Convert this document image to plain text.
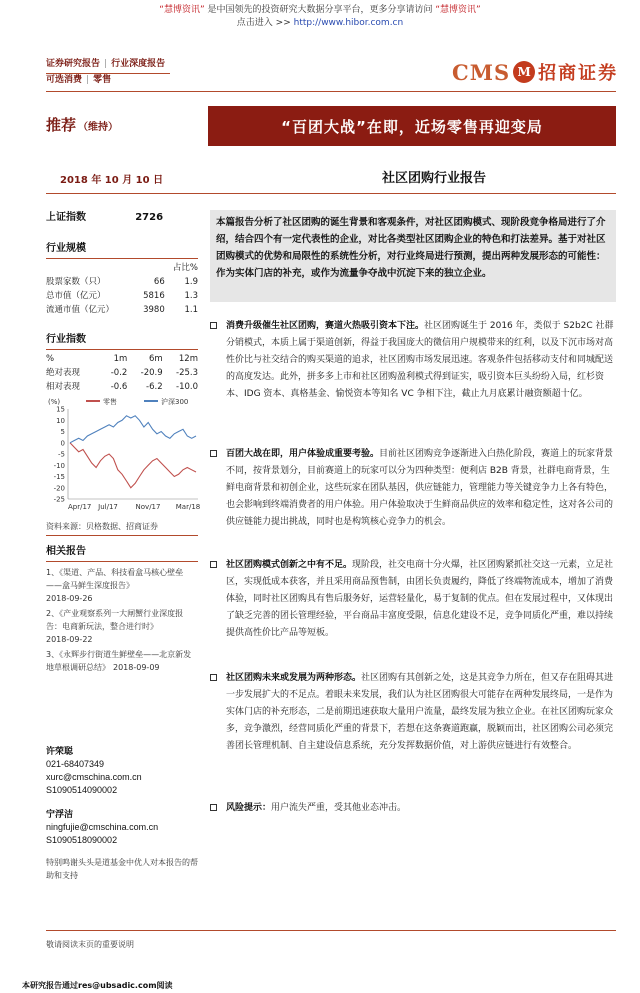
“慧博资讯” 是中国领先的投资研究大数据分享平台，更多分享请访问 “慧博资讯”
点击进入 >> http://www.hibor.com.cn
证券研究报告 | 行业深度报告
可选消费 | 零售	CMS M 招商证券
推荐 （维持）	“百团大战”在即，近场零售再迎变局
2018 年 10 月 10 日	社区团购行业报告
上证指数	2726
行业规模
		占比%
股票家数（只）	66	1.9
总市值（亿元）	5816	1.3
流通市值（亿元）	3980	1.1
行业指数
%	1m	6m	12m
绝对表现	-0.2	-20.9	-25.3
相对表现	-0.6	-6.2	-10.0
(%)	零售	沪深300
15
10
5
0
-5
-10
-15
-20
-25
Apr/17 Jul/17	Nov/17 Mar/18
资料来源：贝格数据、招商证券
相关报告
1、《渠道、产品、科技看盒马核心壁垒——盒马鲜生深度报告》
2018-09-26
2、《产业观察系列一大闸蟹行业深度报告：电商新玩法，整合进行时》
2018-09-22
3、《永辉步行街道生鲜壁垒——北京新发地草根调研总结》 2018-09-09
许荣聪
021-68407349
xurc@cmschina.com.cn
S1090514090002
宁浮洁
ningfujie@cmschina.com.cn
S1090518090002
特别鸣谢头头是道基金中优人对本报告的帮助和支持
本篇报告分析了社区团购的诞生背景和客观条件，对社区团购模式、现阶段竞争格局进行了介绍，结合四个有一定代表性的企业，对比各类型社区团购企业的特色和打法差异。基于对社区团购模式的优势和局限性的系统性分析，对行业终局进行预测，提出两种发展形态的可能性：作为实体门店的补充，或作为流量争夺战中沉淀下来的独立企业。
消费升级催生社区团购，赛道火热吸引资本下注。社区团购诞生于 2016 年，类似于 S2b2C 社群分销模式，本质上属于渠道创新，得益于我国庞大的微信用户规模带来的红利，以及下沉市场对高性价比与社交结合的购买渠道的追求，社区团购市场发展迅速。客观条件包括移动支付和同城配送的高度发达。此外，拼多多上市和社区团购盈利模式得到证实，吸引资本巨头纷纷入局，红杉资本、IDG 资本、真格基金、愉悦资本等知名 VC 争相下注，截止九月底累计融资额超十亿。
百团大战在即，用户体验成重要考验。目前社区团购竞争逐渐进入白热化阶段，赛道上的玩家背景不同，按背景划分，目前赛道上的玩家可以分为四种类型：便利店 B2B 背景，社群电商背景，生鲜电商背景和初创企业，这些玩家在团队基因，供应链能力，管理能力等关键竞争力上各有特色，也会影响到终端消费者的用户体验。用户体验取决于生鲜商品供应的效率和稳定性，这对各公司的供应链能力提出挑战，同时也是构筑核心竞争力的机会。
社区团购模式创新之中有不足。现阶段，社交电商十分火爆，社区团购紧抓社交这一元素，立足社区，实现低成本获客，并且采用商品预售制，由团长负责履约，降低了终端物流成本，增加了消费体验，同时社区团购具有售后服务好，运营轻量化，易于复制的优点。但在发展过程中，又体现出了缺乏完善的团长管理经验，平台商品丰富度受限，信息化建设不足，竞争同质化严重，难以持续提供高性价比产品等短板。
社区团购未来或发展为两种形态。社区团购有其创新之处，这是其竞争力所在，但又存在阻碍其进一步发展扩大的不足点。着眼未来发展，我们认为社区团购很大可能存在两种发展终局，一是作为实体门店的补充形态，二是前期迅速获取大量用户流量，最终发展为独立企业。在社区团购玩家众多，竞争激烈，经营同质化严重的背景下，若想在这条赛道跑赢，脱颖而出，社区团购公司必须完善团长管理机制、自主建设信息系统，充分发挥数据价值，对上游供应链进行有效整合。
风险提示：用户流失严重，受其他业态冲击。
敬请阅读末页的重要说明
本研究报告通过res@ubsadic.com阅读
